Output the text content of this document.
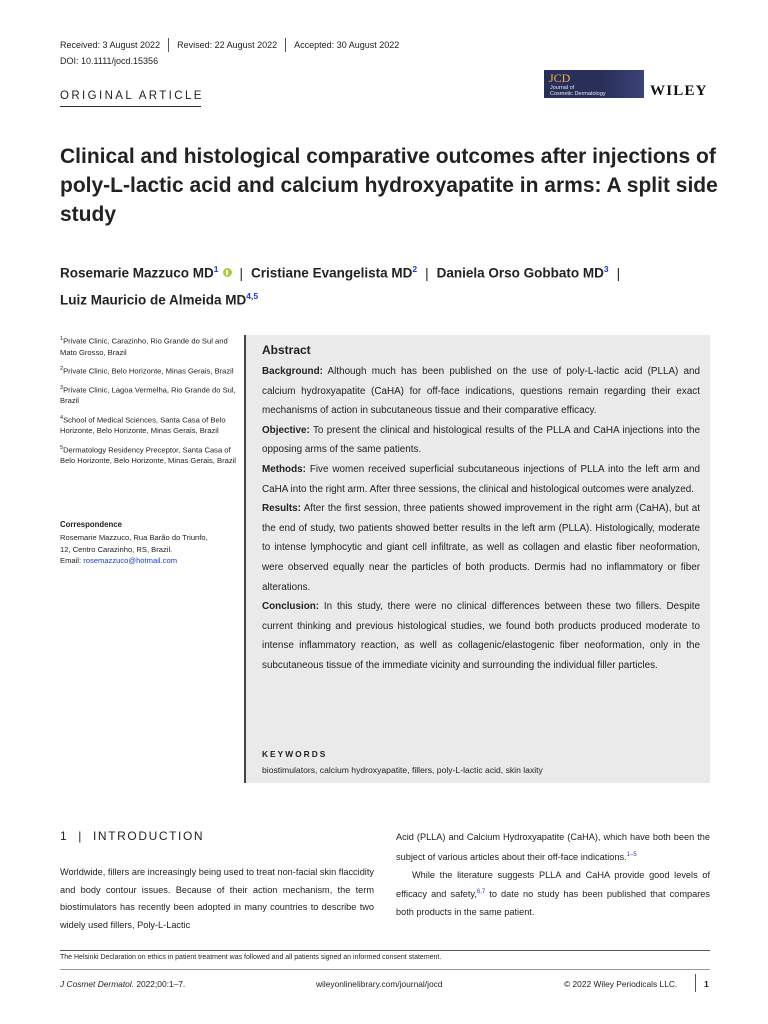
Received: 3 August 2022 Revised: 22 August 2022 Accepted: 30 August 2022
DOI: 10.1111/jocd.15356
ORIGINAL ARTICLE
JCD
Journal of
Cosmetic Dermatology	WILEY
Clinical and histological comparative outcomes after injections of poly-L-lactic acid and calcium hydroxyapatite in arms: A split side study
Rosemarie Mazzuco $MD^1$ | Cristiane Evangelista $MD^2$ | Daniela Orso Gobbato $MD^3$ |
Luiz Mauricio de Almeida MD$^{4,5}$

$^1$Private Clinic, Carazinho, Rio Grande do Sul and Mato Grosso, Brazil

$^2$Private Clinic, Belo Horizonte, Minas Gerais, Brazil

$^3$Private Clinic, Lagoa Vermelha, Rio Grande do Sul, Brazil

$^4$School of Medical Sciences, Santa Casa of Belo Horizonte, Belo Horizonte, Minas Gerais, Brazil

$^5$Dermatology Residency Preceptor, Santa Casa of Belo Horizonte, Belo Horizonte, Minas Gerais, Brazil

Correspondence
Rosemarie Mazzuco, Rua Barão do Triunfo,
12, Centro Carazinho, RS, Brazil.
Email: rosemazzuco@hotmail.com
Abstract

Background: Although much has been published on the use of poly-L-lactic acid (PLLA) and calcium hydroxyapatite (CaHA) for off-face indications, questions remain regarding their exact mechanisms of action in subcutaneous tissue and their comparative efficacy.

Objective: To present the clinical and histological results of the PLLA and CaHA injections into the opposing arms of the same patients.

Methods: Five women received superficial subcutaneous injections of PLLA into the left arm and CaHA into the right arm. After three sessions, the clinical and histological outcomes were analyzed.

Results: After the first session, three patients showed improvement in the right arm (CaHA), but at the end of study, two patients showed better results in the left arm (PLLA). Histologically, moderate to intense lymphocytic and giant cell infiltrate, as well as collagen and elastic fiber neoformation, were observed equally near the particles of both products. Dermis had no inflammatory or fiber alterations.

Conclusion: In this study, there were no clinical differences between these two fillers. Despite current thinking and previous histological studies, we found both products produced moderate to intense inflammatory reaction, as well as collagenic/elastogenic fiber neoformation, only in the subcutaneous tissue of the immediate vicinity and surrounding the individual filler particles.

KEYWORDS
biostimulators, calcium hydroxyapatite, fillers, poly-L-lactic acid, skin laxity
1 | INTRODUCTION

Worldwide, fillers are increasingly being used to treat non-facial skin flaccidity and body contour issues. Because of their action mechanism, the term biostimulators has recently been adopted in many countries to describe two widely used fillers, Poly-L-Lactic

Acid (PLLA) and Calcium Hydroxyapatite (CaHA), which have both been the subject of various articles about their off-face indications.$^{1-5}$

While the literature suggests PLLA and CaHA provide good levels of efficacy and safety,$^{6,7}$ to date no study has been published that compares both products in the same patient.

The Helsinki Declaration on ethics in patient treatment was followed and all patients signed an informed consent statement.
J Cosmet Dermatol. 2022;00:1–7.	wileyonlinelibrary.com/journal/jocd	© 2022 Wiley Periodicals LLC.	1
